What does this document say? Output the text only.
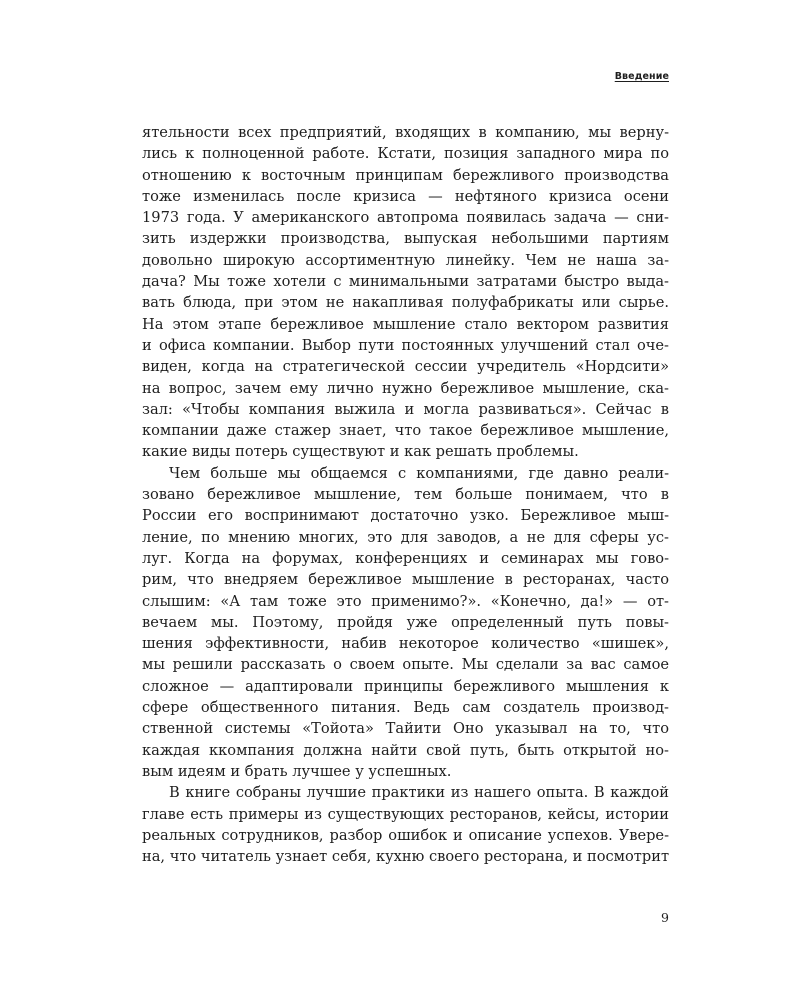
Введение
ятельности всех предприятий, входящих в компанию, мы верну-
лись к полноценной работе. Кстати, позиция западного мира по
отношению к восточным принципам бережливого производства
тоже изменилась после кризиса — нефтяного кризиса осени
1973 года. У американского автопрома появилась задача — сни-
зить издержки производства, выпуская небольшими партиям
довольно широкую ассортиментную линейку. Чем не наша за-
дача? Мы тоже хотели с минимальными затратами быстро выда-
вать блюда, при этом не накапливая полуфабрикаты или сырье.
На этом этапе бережливое мышление стало вектором развития
и офиса компании. Выбор пути постоянных улучшений стал оче-
виден, когда на стратегической сессии учредитель «Нордсити»
на вопрос, зачем ему лично нужно бережливое мышление, ска-
зал: «Чтобы компания выжила и могла развиваться». Сейчас в
компании даже стажер знает, что такое бережливое мышление,
какие виды потерь существуют и как решать проблемы.
Чем больше мы общаемся с компаниями, где давно реали-
зовано бережливое мышление, тем больше понимаем, что в
России его воспринимают достаточно узко. Бережливое мыш-
ление, по мнению многих, это для заводов, а не для сферы ус-
луг. Когда на форумах, конференциях и семинарах мы гово-
рим, что внедряем бережливое мышление в ресторанах, часто
слышим: «А там тоже это применимо?». «Конечно, да!» — от-
вечаем мы. Поэтому, пройдя уже определенный путь повы-
шения эффективности, набив некоторое количество «шишек»,
мы решили рассказать о своем опыте. Мы сделали за вас самое
сложное — адаптировали принципы бережливого мышления к
сфере общественного питания. Ведь сам создатель производ-
ственной системы «Тойота» Тайити Оно указывал на то, что
каждая ккомпания должна найти свой путь, быть открытой но-
вым идеям и брать лучшее у успешных.
В книге собраны лучшие практики из нашего опыта. В каждой
главе есть примеры из существующих ресторанов, кейсы, истории
реальных сотрудников, разбор ошибок и описание успехов. Увере-
на, что читатель узнает себя, кухню своего ресторана, и посмотрит
9
